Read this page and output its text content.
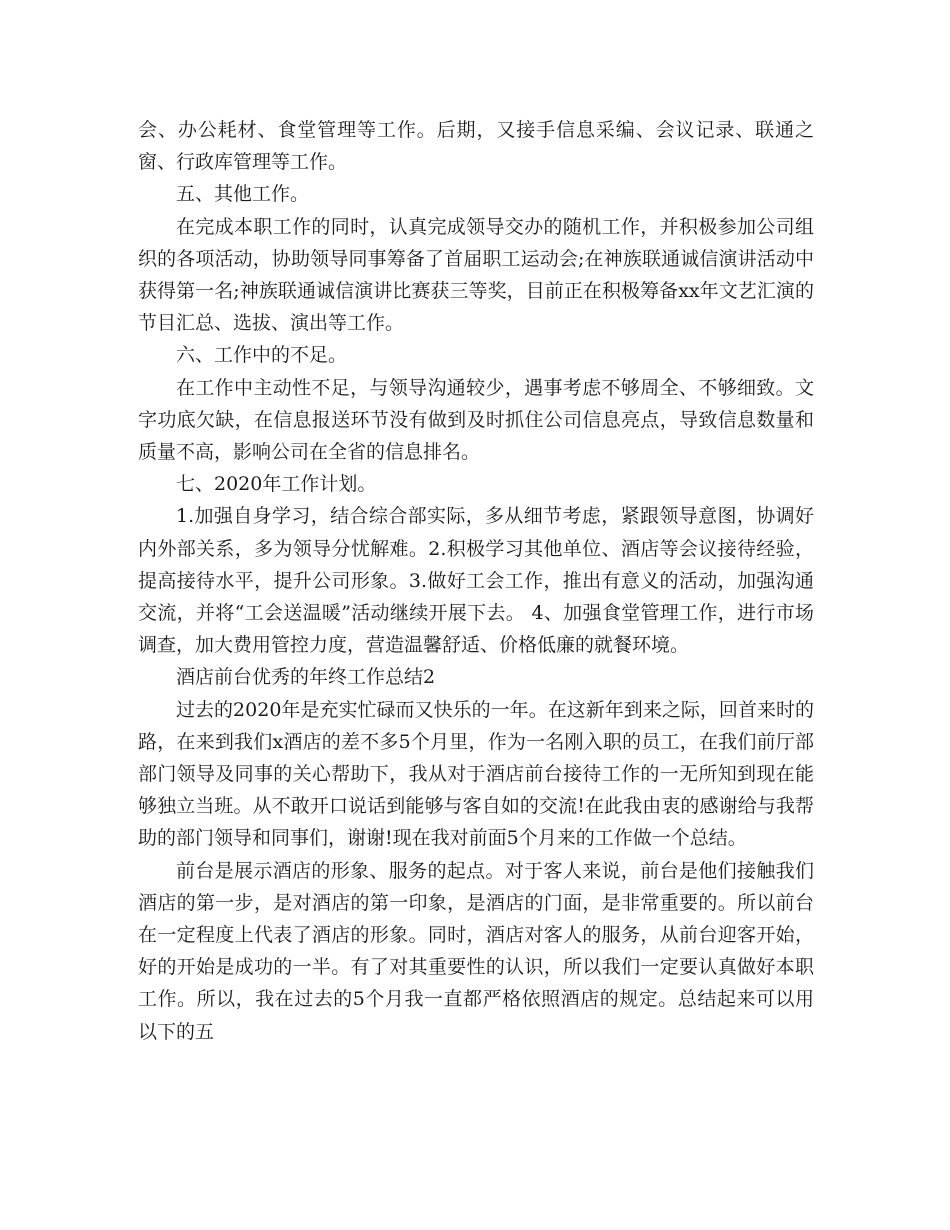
会、办公耗材、食堂管理等工作。后期，又接手信息采编、会议记录、联通之窗、行政库管理等工作。

五、其他工作。

在完成本职工作的同时，认真完成领导交办的随机工作，并积极参加公司组织的各项活动，协助领导同事筹备了首届职工运动会;在神族联通诚信演讲活动中获得第一名;神族联通诚信演讲比赛获三等奖，目前正在积极筹备xx年文艺汇演的节目汇总、选拔、演出等工作。

六、工作中的不足。

在工作中主动性不足，与领导沟通较少，遇事考虑不够周全、不够细致。文字功底欠缺，在信息报送环节没有做到及时抓住公司信息亮点，导致信息数量和质量不高，影响公司在全省的信息排名。

七、2020年工作计划。

1.加强自身学习，结合综合部实际，多从细节考虑，紧跟领导意图，协调好内外部关系，多为领导分忧解难。2.积极学习其他单位、酒店等会议接待经验，提高接待水平，提升公司形象。3.做好工会工作，推出有意义的活动，加强沟通交流，并将“工会送温暖”活动继续开展下去。 4、加强食堂管理工作，进行市场调查，加大费用管控力度，营造温馨舒适、价格低廉的就餐环境。

酒店前台优秀的年终工作总结2

过去的2020年是充实忙碌而又快乐的一年。在这新年到来之际，回首来时的路，在来到我们x酒店的差不多5个月里，作为一名刚入职的员工，在我们前厅部部门领导及同事的关心帮助下，我从对于酒店前台接待工作的一无所知到现在能够独立当班。从不敢开口说话到能够与客自如的交流!在此我由衷的感谢给与我帮助的部门领导和同事们，谢谢!现在我对前面5个月来的工作做一个总结。

前台是展示酒店的形象、服务的起点。对于客人来说，前台是他们接触我们酒店的第一步，是对酒店的第一印象，是酒店的门面，是非常重要的。所以前台在一定程度上代表了酒店的形象。同时，酒店对客人的服务，从前台迎客开始，好的开始是成功的一半。有了对其重要性的认识，所以我们一定要认真做好本职工作。所以，我在过去的5个月我一直都严格依照酒店的规定。总结起来可以用以下的五
